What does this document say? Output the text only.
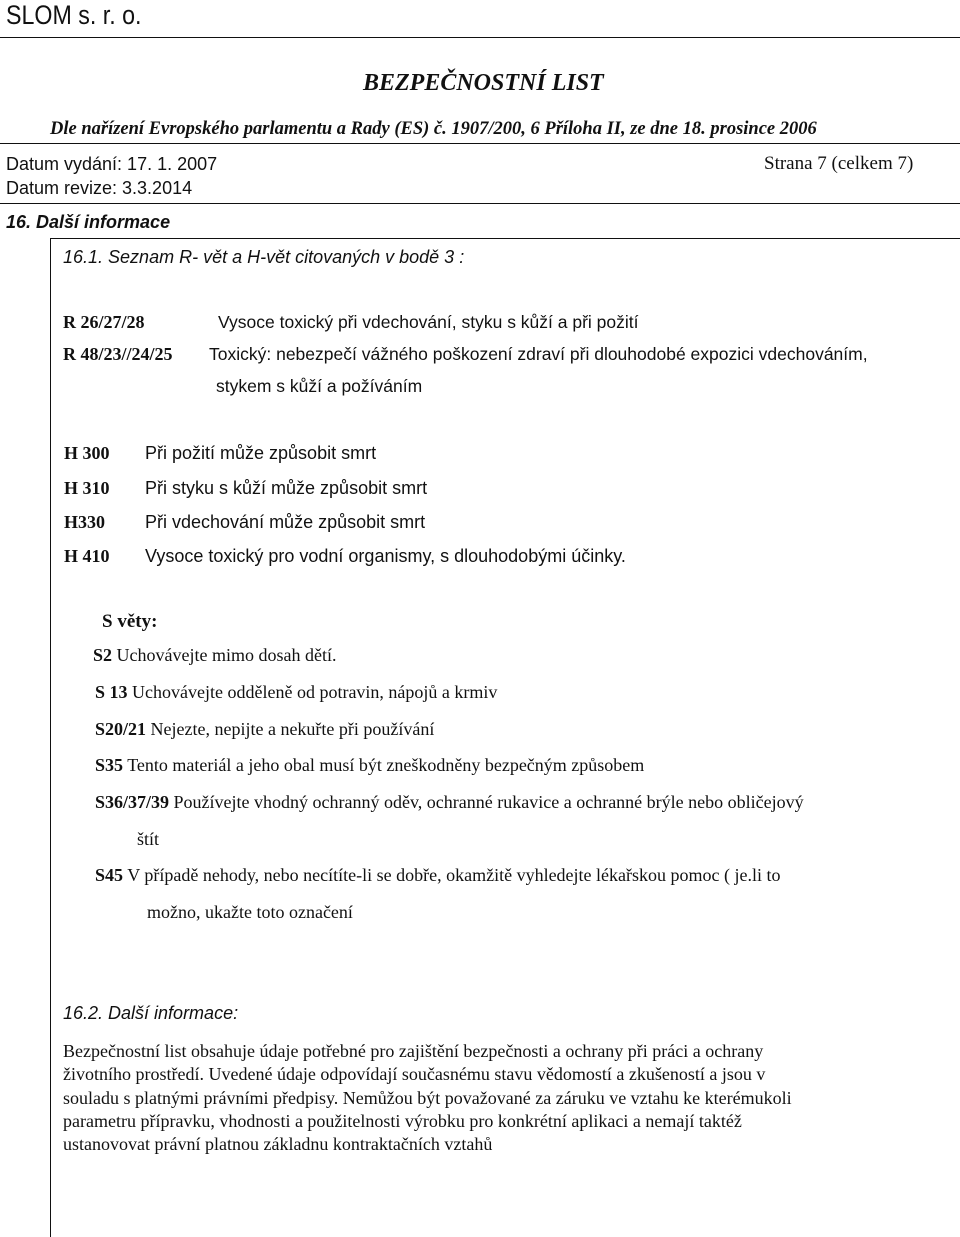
SLOM s. r. o.
BEZPEČNOSTNÍ LIST
Dle nařízení Evropského parlamentu a Rady (ES) č. 1907/200, 6 Příloha II, ze dne 18. prosince 2006
Datum vydání: 17. 1. 2007	Strana 7 (celkem 7)
Datum revize: 3.3.2014
16. Další informace
16.1. Seznam R- vět a H-vět citovaných v bodě 3 :
R 26/27/28	Vysoce toxický při vdechování, styku s kůží a při požití
R 48/23//24/25 Toxický: nebezpečí vážného poškození zdraví při dlouhodobé expozici vdechováním,
stykem s kůží a požíváním
H 300 Při požití může způsobit smrt
H 310 Při styku s kůží může způsobit smrt
H330 Při vdechování může způsobit smrt
H 410 Vysoce toxický pro vodní organismy, s dlouhodobými účinky.
S věty:
S2 Uchovávejte mimo dosah dětí.
S 13 Uchovávejte odděleně od potravin, nápojů a krmiv
S20/21 Nejezte, nepijte a nekuřte při používání
S35 Tento materiál a jeho obal musí být zneškodněny bezpečným způsobem
S36/37/39 Používejte vhodný ochranný oděv, ochranné rukavice a ochranné brýle nebo obličejový
štít
S45 V případě nehody, nebo necítíte-li se dobře, okamžitě vyhledejte lékařskou pomoc ( je.li to
možno, ukažte toto označení
16.2. Další informace:
Bezpečnostní list obsahuje údaje potřebné pro zajištění bezpečnosti a ochrany při práci a ochrany
životního prostředí. Uvedené údaje odpovídají současnému stavu vědomostí a zkušeností a jsou v
souladu s platnými právními předpisy. Nemůžou být považované za záruku ve vztahu ke kterémukoli
parametru přípravku, vhodnosti a použitelnosti výrobku pro konkrétní aplikaci a nemají taktéž
ustanovovat právní platnou základnu kontraktačních vztahů
